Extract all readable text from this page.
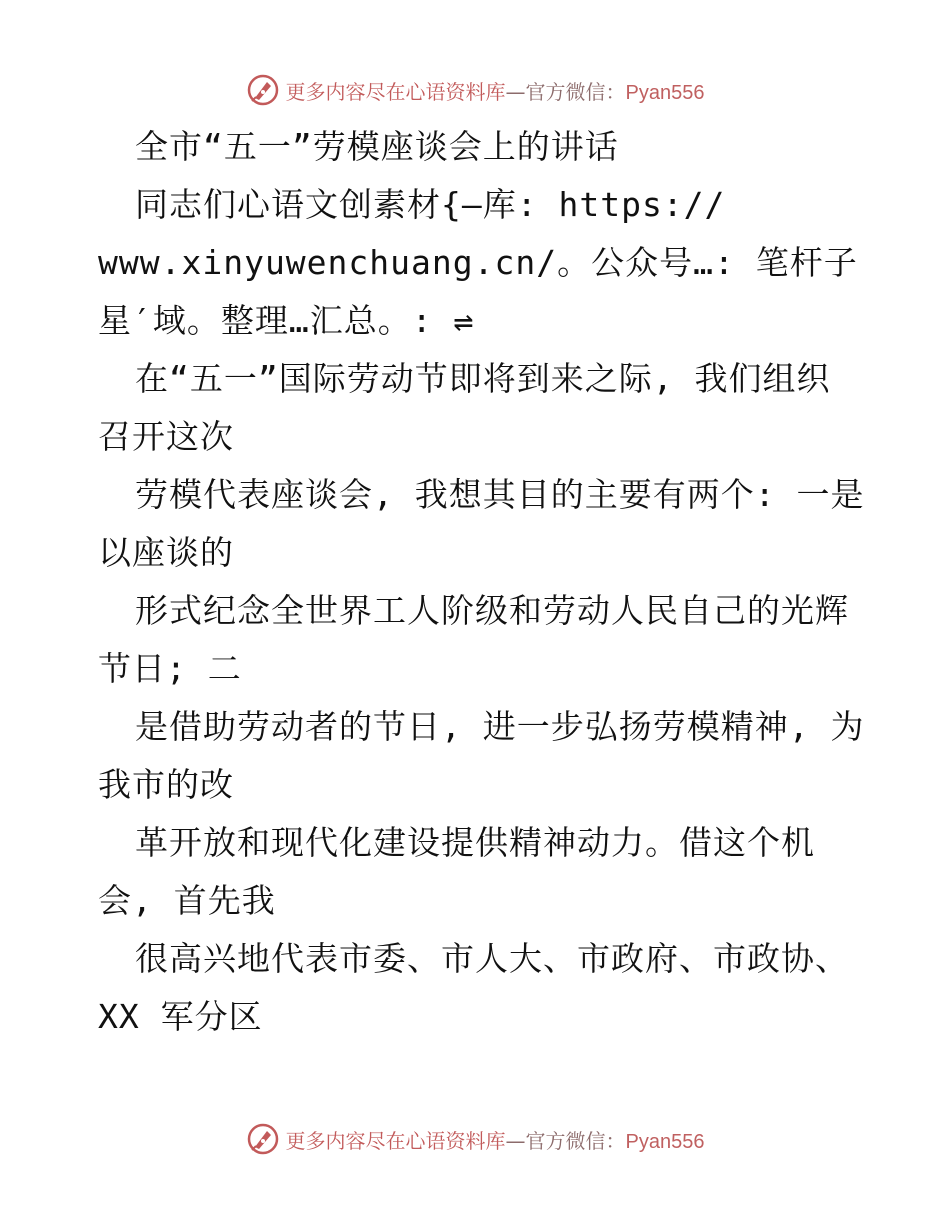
更多内容尽在心语资料库—官方微信：Pyan556
全市“五一”劳模座谈会上的讲话
同志们心语文创素材{—库: https://
www.xinyuwenchuang.cn/。公众号…: 笔杆子
星′域。整理…汇总。: ⇌
在“五一”国际劳动节即将到来之际, 我们组织
召开这次
劳模代表座谈会, 我想其目的主要有两个: 一是
以座谈的
形式纪念全世界工人阶级和劳动人民自己的光辉
节日; 二
是借助劳动者的节日, 进一步弘扬劳模精神, 为
我市的改
革开放和现代化建设提供精神动力。借这个机
会, 首先我
很高兴地代表市委、市人大、市政府、市政协、
XX 军分区
更多内容尽在心语资料库—官方微信：Pyan556
